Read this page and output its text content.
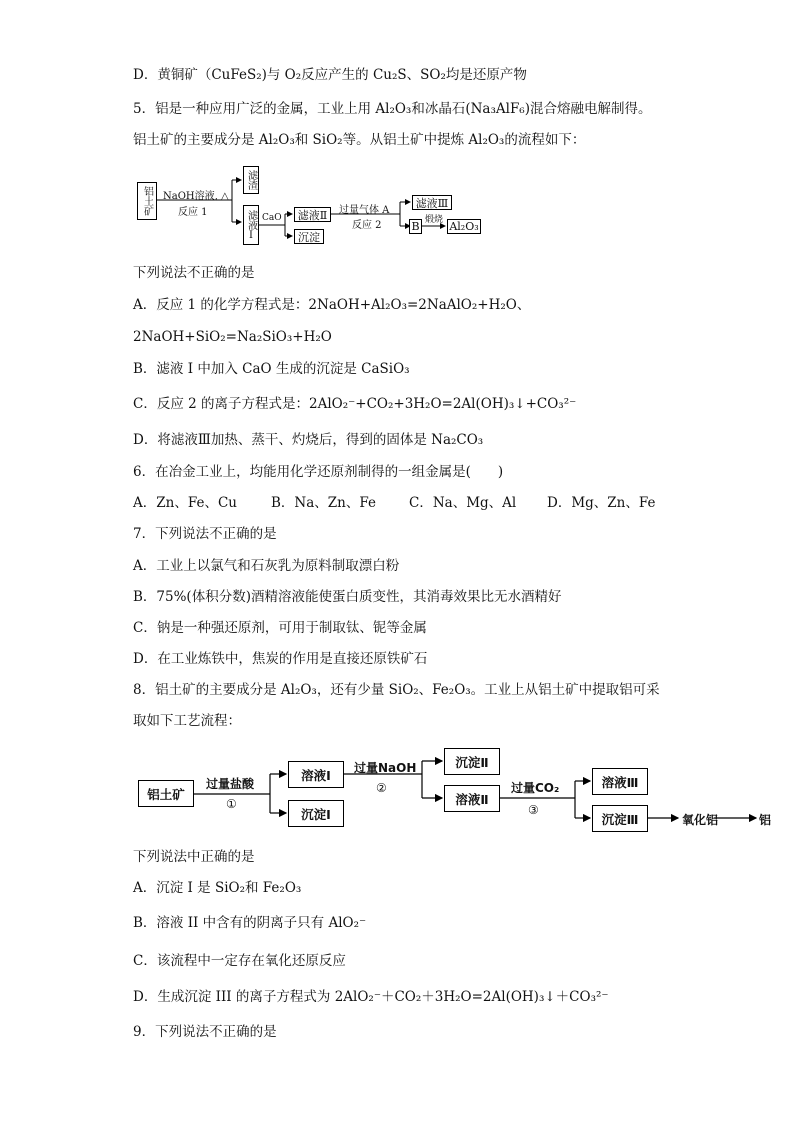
D．黄铜矿（CuFeS₂)与 O₂反应产生的 Cu₂S、SO₂均是还原产物
5．铝是一种应用广泛的金属，工业上用 Al₂O₃和冰晶石(Na₃AlF₆)混合熔融电解制得。
铝土矿的主要成分是 Al₂O₃和 SiO₂等。从铝土矿中提炼 Al₂O₃的流程如下：
铝土矿 NaOH溶液, △
反应 1
滤渣
滤液Ⅰ CaO 滤液Ⅱ
沉淀
过量气体 A
反应 2
滤液Ⅲ
B 煅烧 Al₂O₃
下列说法不正确的是
A．反应 1 的化学方程式是：2NaOH+Al₂O₃=2NaAlO₂+H₂O、
2NaOH+SiO₂=Na₂SiO₃+H₂O
B．滤液 I 中加入 CaO 生成的沉淀是 CaSiO₃
C．反应 2 的离子方程式是：2AlO₂⁻+CO₂+3H₂O=2Al(OH)₃↓+CO₃²⁻
D．将滤液Ⅲ加热、蒸干、灼烧后，得到的固体是 Na₂CO₃
6．在冶金工业上，均能用化学还原剂制得的一组金属是(　　)
A．Zn、Fe、Cu	B．Na、Zn、Fe C．Na、Mg、Al D．Mg、Zn、Fe
7．下列说法不正确的是
A．工业上以氯气和石灰乳为原料制取漂白粉
B．75%(体积分数)酒精溶液能使蛋白质变性，其消毒效果比无水酒精好
C．钠是一种强还原剂，可用于制取钛、铌等金属
D．在工业炼铁中，焦炭的作用是直接还原铁矿石
8．铝土矿的主要成分是 Al₂O₃，还有少量 SiO₂、Fe₂O₃。工业上从铝土矿中提取铝可采
取如下工艺流程：
铝土矿
过量盐酸
①
溶液Ⅰ
沉淀Ⅰ
过量NaOH
②
沉淀Ⅱ
溶液Ⅱ
过量CO₂
③
溶液Ⅲ
沉淀Ⅲ	氧化铝	铝
下列说法中正确的是
A．沉淀 I 是 SiO₂和 Fe₂O₃
B．溶液 II 中含有的阴离子只有 AlO₂⁻
C．该流程中一定存在氧化还原反应
D．生成沉淀 III 的离子方程式为 2AlO₂⁻＋CO₂＋3H₂O=2Al(OH)₃↓＋CO₃²⁻
9．下列说法不正确的是
